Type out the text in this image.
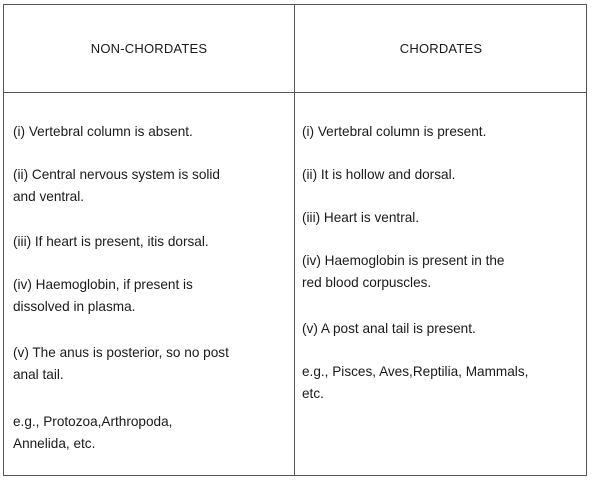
NON-CHORDATES	CHORDATES
(i) Vertebral column is absent.
(ii) Central nervous system is solid
and ventral.
(iii) If heart is present, itis dorsal.
(iv) Haemoglobin, if present is
dissolved in plasma.
(v) The anus is posterior, so no post
anal tail.
e.g., Protozoa,Arthropoda,
Annelida, etc.
(i) Vertebral column is present.
(ii) It is hollow and dorsal.
(iii) Heart is ventral.
(iv) Haemoglobin is present in the
red blood corpuscles.
(v) A post anal tail is present.
e.g., Pisces, Aves,Reptilia, Mammals,
etc.
